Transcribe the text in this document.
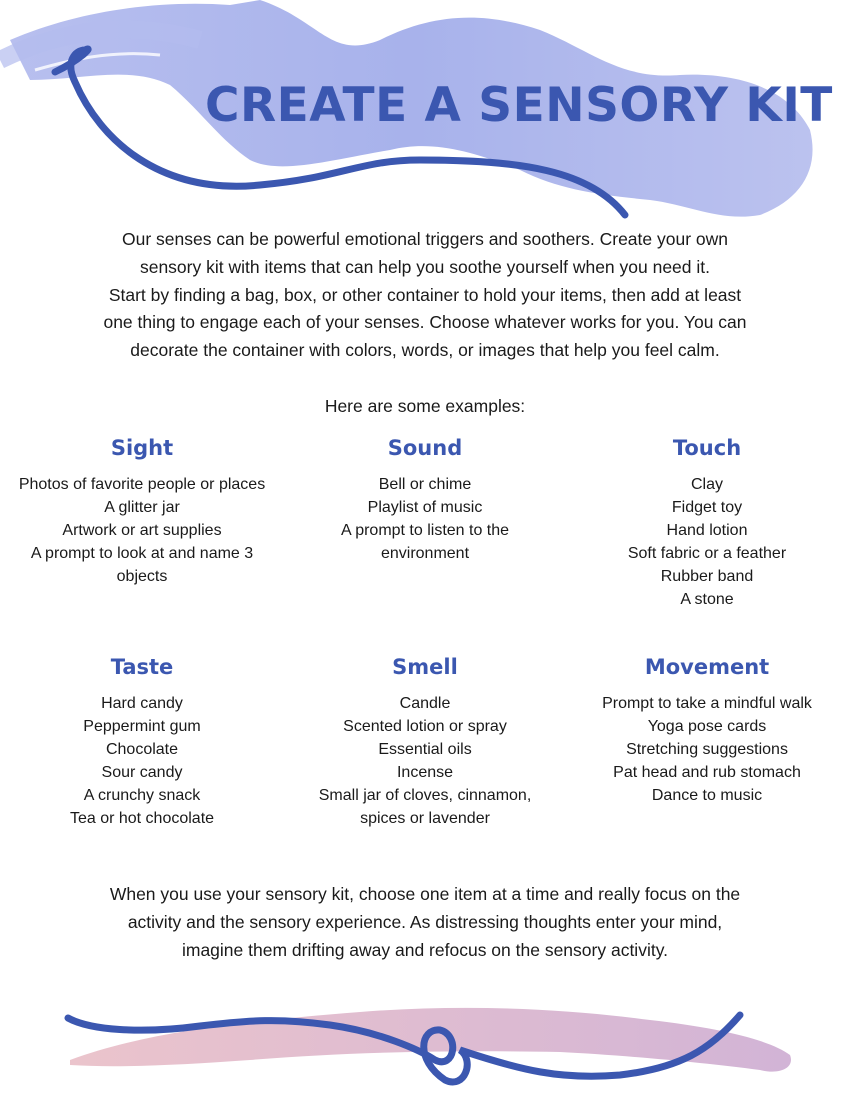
CREATE A SENSORY KIT
Our senses can be powerful emotional triggers and soothers. Create your own
sensory kit with items that can help you soothe yourself when you need it.
Start by finding a bag, box, or other container to hold your items, then add at least
one thing to engage each of your senses. Choose whatever works for you. You can
decorate the container with colors, words, or images that help you feel calm.
Here are some examples:
Sight
Photos of favorite people or places
A glitter jar
Artwork or art supplies
A prompt to look at and name 3 objects
Sound
Bell or chime
Playlist of music
A prompt to listen to the environment
Touch
Clay
Fidget toy
Hand lotion
Soft fabric or a feather
Rubber band
A stone
Taste
Hard candy
Peppermint gum
Chocolate
Sour candy
A crunchy snack
Tea or hot chocolate
Smell
Candle
Scented lotion or spray
Essential oils
Incense
Small jar of cloves, cinnamon, spices or lavender
Movement
Prompt to take a mindful walk
Yoga pose cards
Stretching suggestions
Pat head and rub stomach
Dance to music
When you use your sensory kit, choose one item at a time and really focus on the
activity and the sensory experience. As distressing thoughts enter your mind,
imagine them drifting away and refocus on the sensory activity.
